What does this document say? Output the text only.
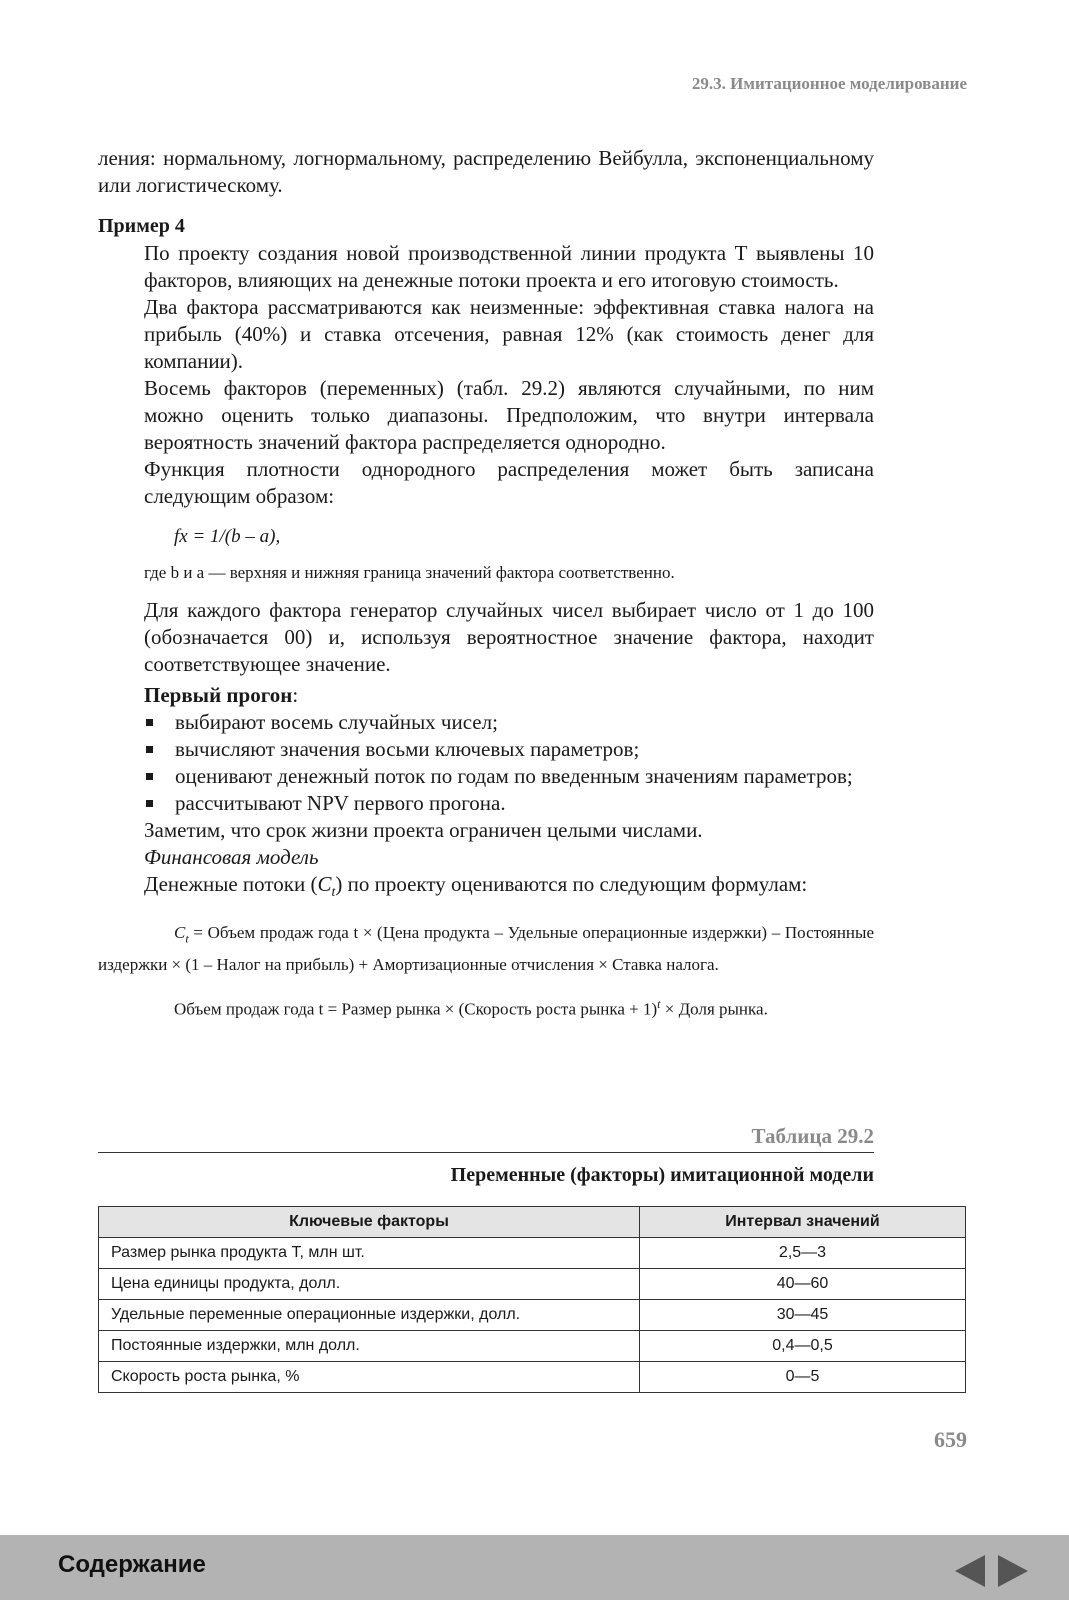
29.3. Имитационное моделирование

ления: нормальному, логнормальному, распределению Вейбулла, экспоненциальному или логистическому.

Пример 4

По проекту создания новой производственной линии продукта Т выявлены 10 факторов, влияющих на денежные потоки проекта и его итоговую стоимость.

Два фактора рассматриваются как неизменные: эффективная ставка налога на прибыль (40%) и ставка отсечения, равная 12% (как стоимость денег для компании).

Восемь факторов (переменных) (табл. 29.2) являются случайными, по ним можно оценить только диапазоны. Предположим, что внутри интервала вероятность значений фактора распределяется однородно.

Функция плотности однородного распределения может быть записана следующим образом:

fx = 1/(b – a),

где b и a — верхняя и нижняя граница значений фактора соответственно.

Для каждого фактора генератор случайных чисел выбирает число от 1 до 100 (обозначается 00) и, используя вероятностное значение фактора, находит соответствующее значение.

Первый прогон:

выбирают восемь случайных чисел;
вычисляют значения восьми ключевых параметров;
оценивают денежный поток по годам по введенным значениям параметров;
рассчитывают NPV первого прогона.

Заметим, что срок жизни проекта ограничен целыми числами.

Финансовая модель

Денежные потоки $(C_t)$ по проекту оцениваются по следующим формулам:

$C_t$ = Объем продаж года t × (Цена продукта – Удельные операционные издержки) – Постоянные издержки × (1 – Налог на прибыль) + Амортизационные отчисления × Ставка налога.

Объем продаж года t = Размер рынка × (Скорость роста рынка + 1)$^t$ × Доля рынка.

Таблица 29.2
Переменные (факторы) имитационной модели
Ключевые факторы	Интервал значений
Размер рынка продукта T, млн шт.	2,5—3
Цена единицы продукта, долл.	40—60
Удельные переменные операционные издержки, долл.	30—45
Постоянные издержки, млн долл.	0,4—0,5
Скорость роста рынка, %	0—5
659
Содержание
